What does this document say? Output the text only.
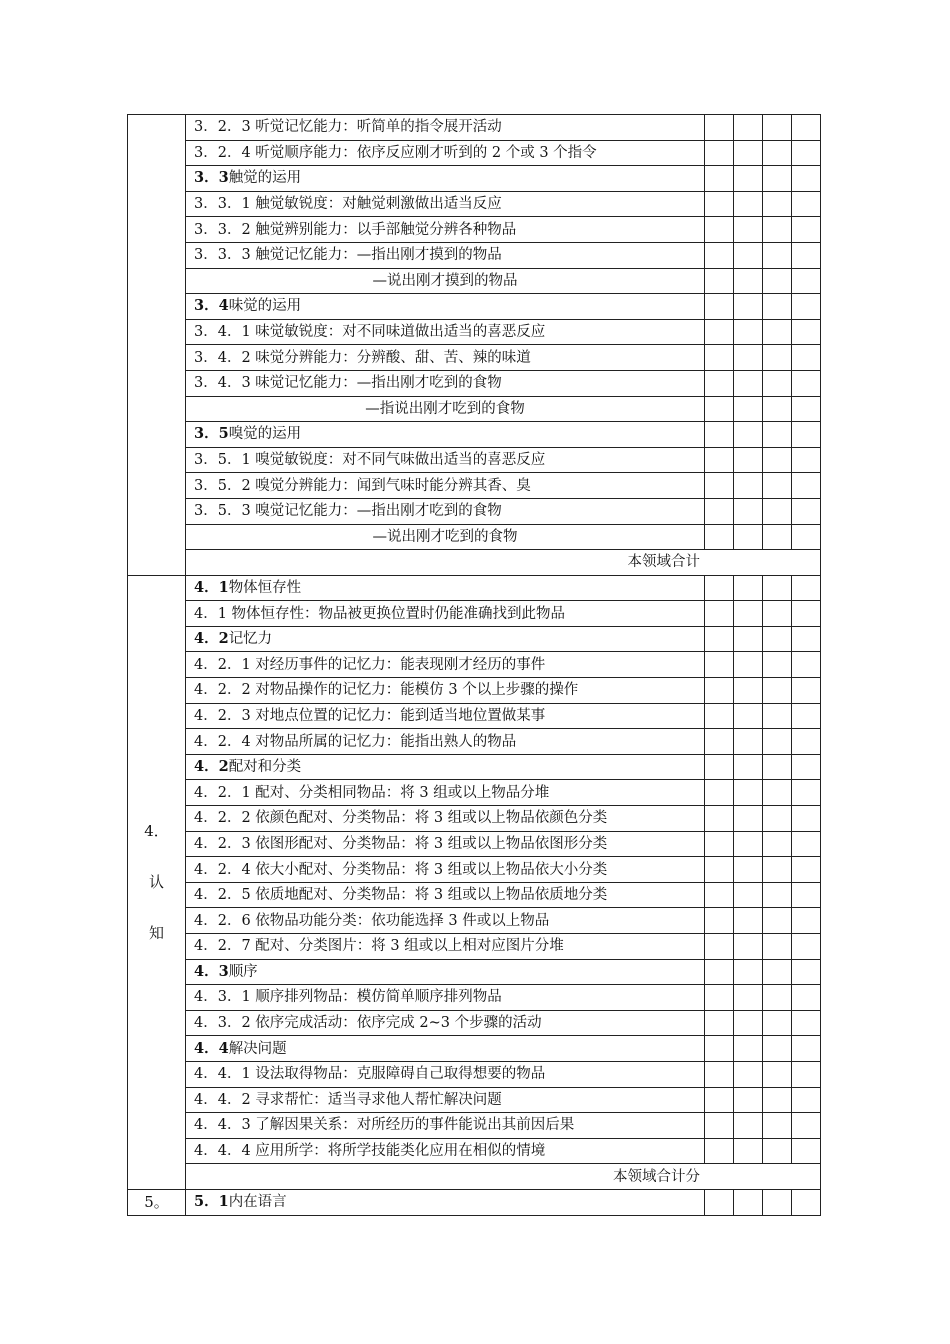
	3．2．3 听觉记忆能力：听简单的指令展开活动				
	3．2．4 听觉顺序能力：依序反应刚才听到的 2 个或 3 个指令				
	3．3触觉的运用				
	3．3．1 触觉敏锐度：对触觉刺激做出适当反应				
	3．3．2 触觉辨别能力：以手部触觉分辨各种物品				
	3．3．3 触觉记忆能力：—指出刚才摸到的物品				
	—说出刚才摸到的物品				
	3．4味觉的运用				
	3．4．1 味觉敏锐度：对不同味道做出适当的喜恶反应				
	3．4．2 味觉分辨能力：分辨酸、甜、苦、辣的味道				
	3．4．3 味觉记忆能力：—指出刚才吃到的食物				
	—指说出刚才吃到的食物				
	3．5嗅觉的运用				
	3．5．1 嗅觉敏锐度：对不同气味做出适当的喜恶反应				
	3．5．2 嗅觉分辨能力：闻到气味时能分辨其香、臭				
	3．5．3 嗅觉记忆能力：—指出刚才吃到的食物				
	—说出刚才吃到的食物				
	本领域合计				

4．
认
知	4．1物体恒存性				
	4．1 物体恒存性：物品被更换位置时仍能准确找到此物品				
	4．2记忆力				
	4．2．1 对经历事件的记忆力：能表现刚才经历的事件				
	4．2．2 对物品操作的记忆力：能模仿 3 个以上步骤的操作				
	4．2．3 对地点位置的记忆力：能到适当地位置做某事				
	4．2．4 对物品所属的记忆力：能指出熟人的物品				
	4．2配对和分类				
	4．2．1 配对、分类相同物品：将 3 组或以上物品分堆				
	4．2．2 依颜色配对、分类物品：将 3 组或以上物品依颜色分类				
	4．2．3 依图形配对、分类物品：将 3 组或以上物品依图形分类				
	4．2．4 依大小配对、分类物品：将 3 组或以上物品依大小分类				
	4．2．5 依质地配对、分类物品：将 3 组或以上物品依质地分类				
	4．2．6 依物品功能分类：依功能选择 3 件或以上物品				
	4．2．7 配对、分类图片：将 3 组或以上相对应图片分堆				
	4．3顺序				
	4．3．1 顺序排列物品：模仿简单顺序排列物品				
	4．3．2 依序完成活动：依序完成 2~3 个步骤的活动				
	4．4解决问题				
	4．4．1 设法取得物品：克服障碍自己取得想要的物品				
	4．4．2 寻求帮忙：适当寻求他人帮忙解决问题				
	4．4．3 了解因果关系：对所经历的事件能说出其前因后果				
	4．4．4 应用所学：将所学技能类化应用在相似的情境				
	本领域合计分				

5。	5．1内在语言				
